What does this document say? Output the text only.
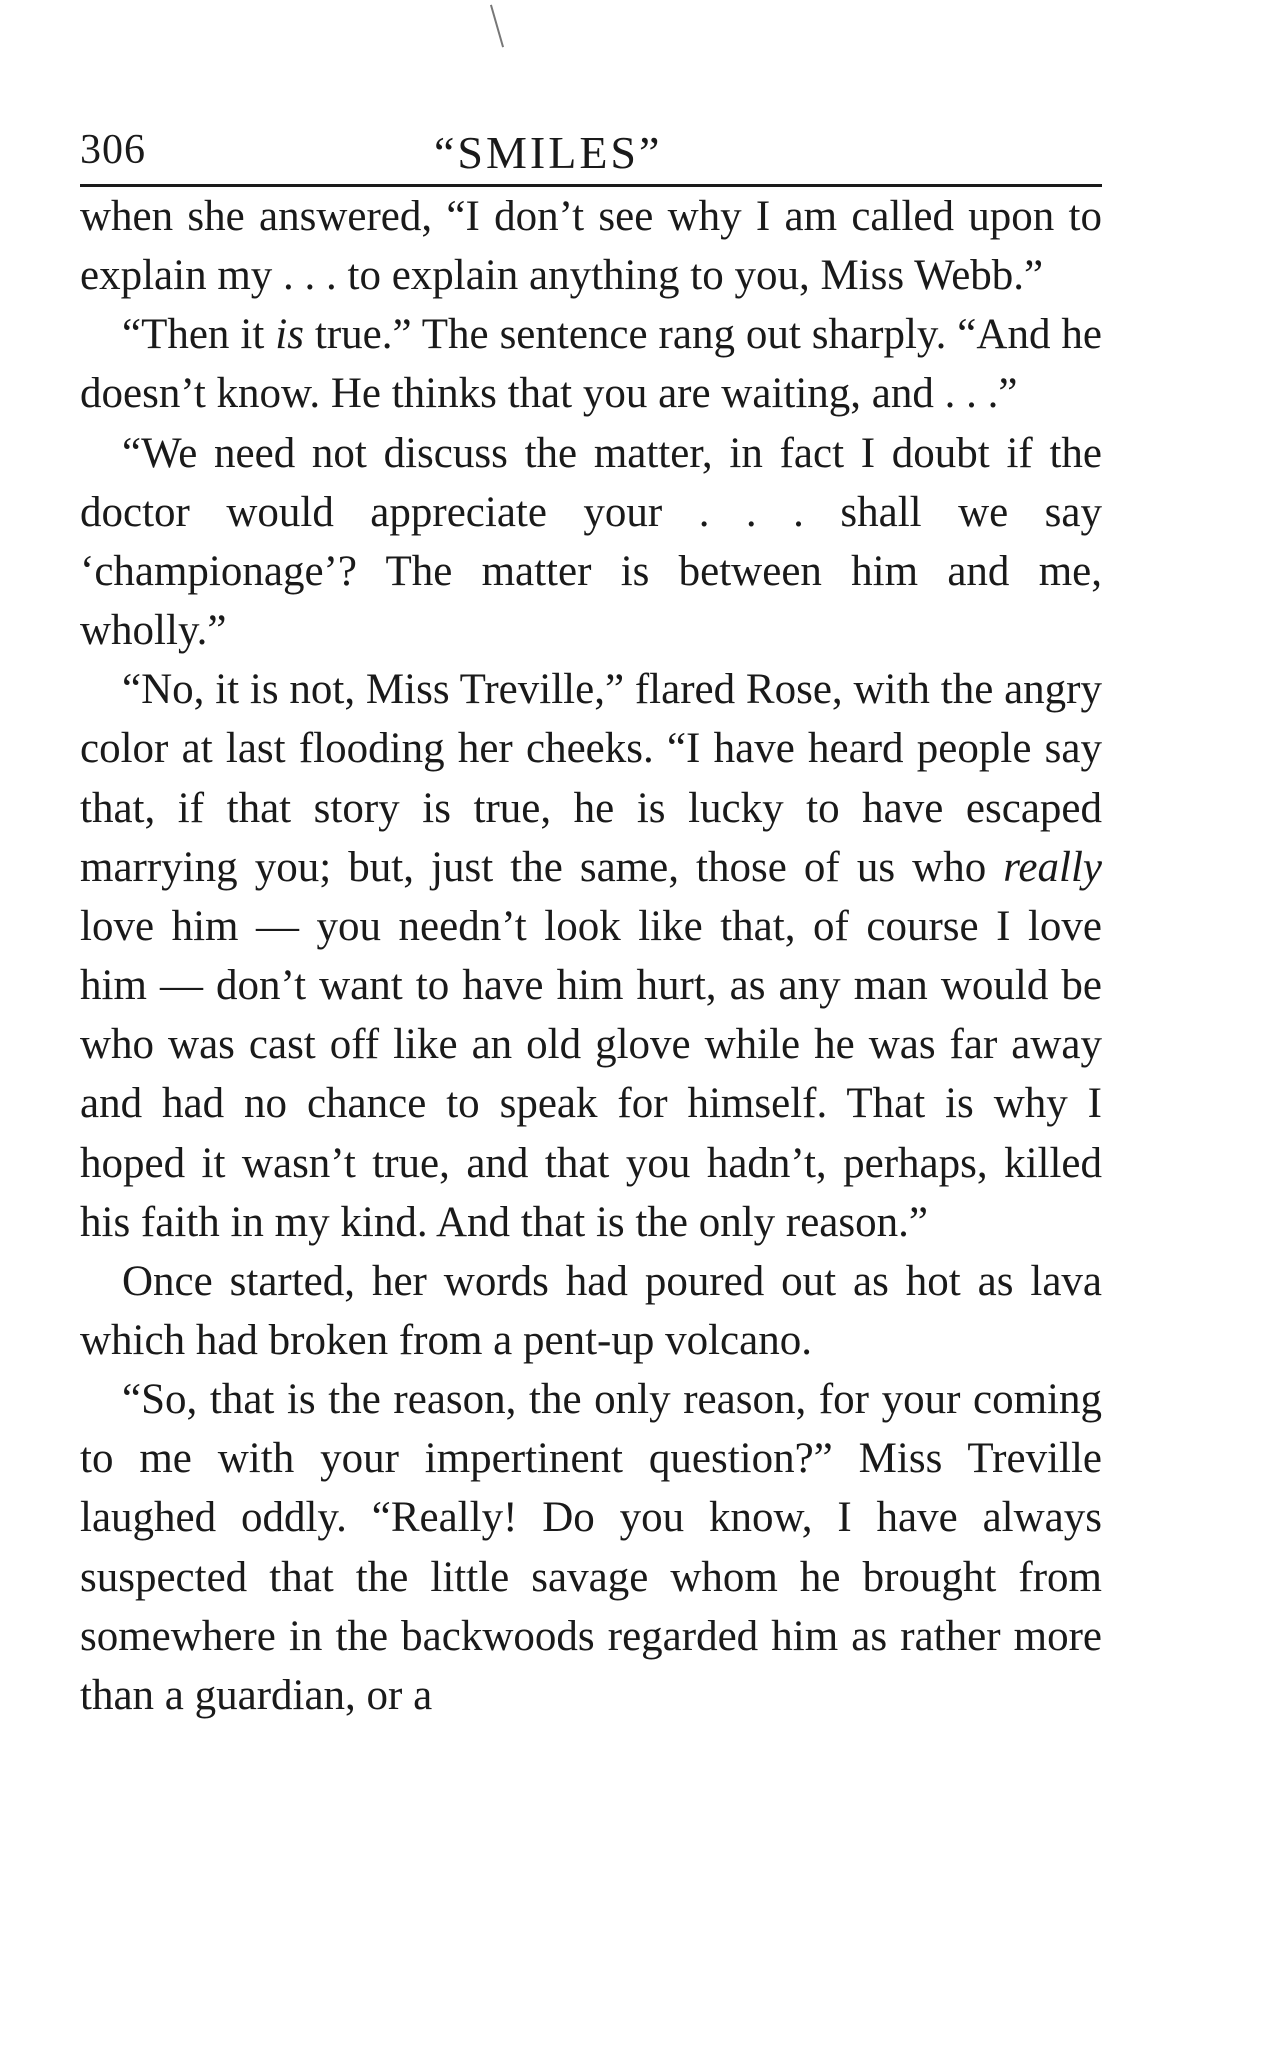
306	“SMILES”

when she answered, “I don’t see why I am called upon to explain my . . . to explain anything to you, Miss Webb.”

“Then it is true.” The sentence rang out sharply. “And he doesn’t know. He thinks that you are waiting, and . . .”

“We need not discuss the matter, in fact I doubt if the doctor would appreciate your . . . shall we say ‘championage’? The matter is between him and me, wholly.”

“No, it is not, Miss Treville,” flared Rose, with the angry color at last flooding her cheeks. “I have heard people say that, if that story is true, he is lucky to have escaped marrying you; but, just the same, those of us who really love him — you needn’t look like that, of course I love him — don’t want to have him hurt, as any man would be who was cast off like an old glove while he was far away and had no chance to speak for himself. That is why I hoped it wasn’t true, and that you hadn’t, perhaps, killed his faith in my kind. And that is the only reason.”

Once started, her words had poured out as hot as lava which had broken from a pent-up volcano.

“So, that is the reason, the only reason, for your coming to me with your impertinent question?” Miss Treville laughed oddly. “Really! Do you know, I have always suspected that the little savage whom he brought from somewhere in the backwoods regarded him as rather more than a guardian, or a
